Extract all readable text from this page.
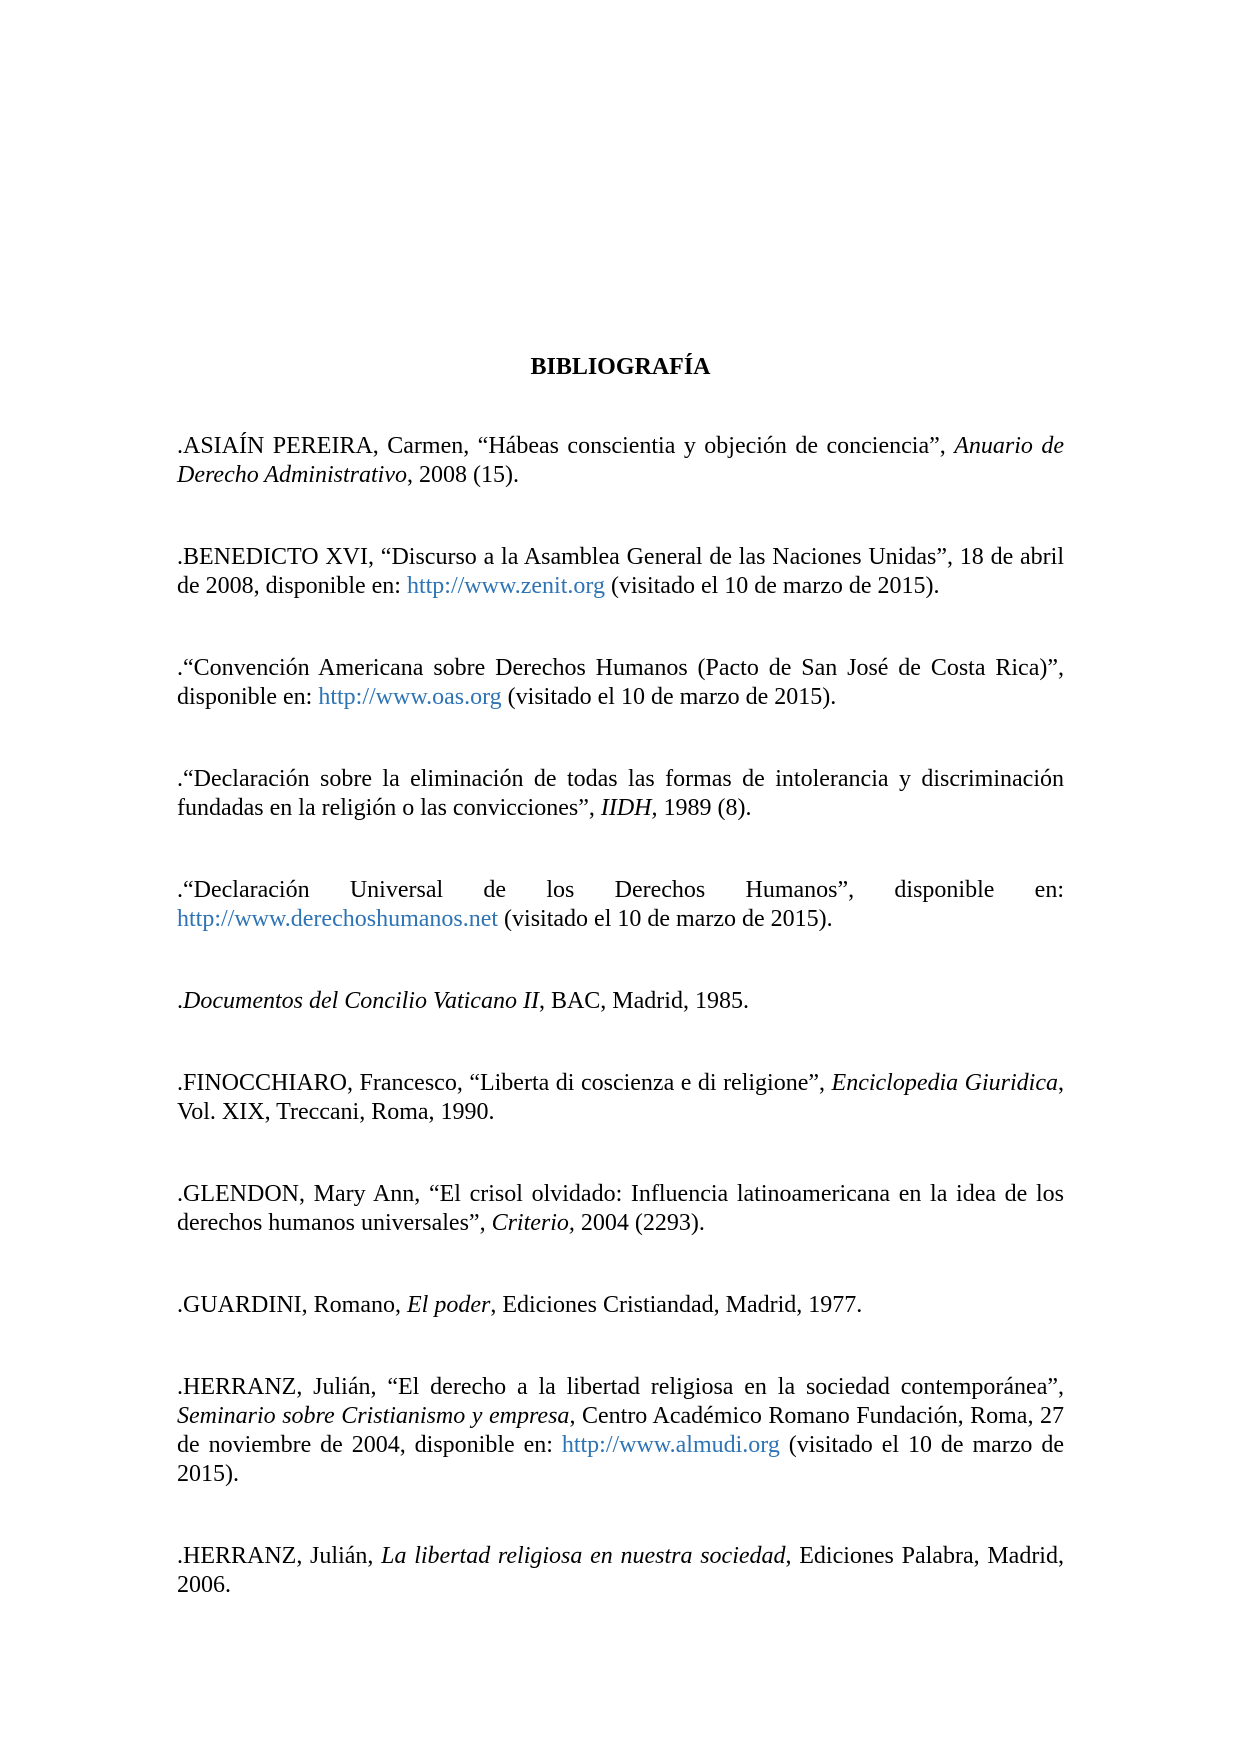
BIBLIOGRAFÍA

.ASIAÍN PEREIRA, Carmen, “Hábeas conscientia y objeción de conciencia”, Anuario de Derecho Administrativo, 2008 (15).

.BENEDICTO XVI, “Discurso a la Asamblea General de las Naciones Unidas”, 18 de abril de 2008, disponible en: http://www.zenit.org (visitado el 10 de marzo de 2015).

.“Convención Americana sobre Derechos Humanos (Pacto de San José de Costa Rica)”, disponible en: http://www.oas.org (visitado el 10 de marzo de 2015).

.“Declaración sobre la eliminación de todas las formas de intolerancia y discriminación fundadas en la religión o las convicciones”, IIDH, 1989 (8).

.“Declaración Universal de los Derechos Humanos”, disponible en: http://www.derechoshumanos.net (visitado el 10 de marzo de 2015).

.Documentos del Concilio Vaticano II, BAC, Madrid, 1985.

.FINOCCHIARO, Francesco, “Liberta di coscienza e di religione”, Enciclopedia Giuridica, Vol. XIX, Treccani, Roma, 1990.

.GLENDON, Mary Ann, “El crisol olvidado: Influencia latinoamericana en la idea de los derechos humanos universales”, Criterio, 2004 (2293).

.GUARDINI, Romano, El poder, Ediciones Cristiandad, Madrid, 1977.

.HERRANZ, Julián, “El derecho a la libertad religiosa en la sociedad contemporánea”, Seminario sobre Cristianismo y empresa, Centro Académico Romano Fundación, Roma, 27 de noviembre de 2004, disponible en: http://www.almudi.org (visitado el 10 de marzo de 2015).

.HERRANZ, Julián, La libertad religiosa en nuestra sociedad, Ediciones Palabra, Madrid, 2006.
